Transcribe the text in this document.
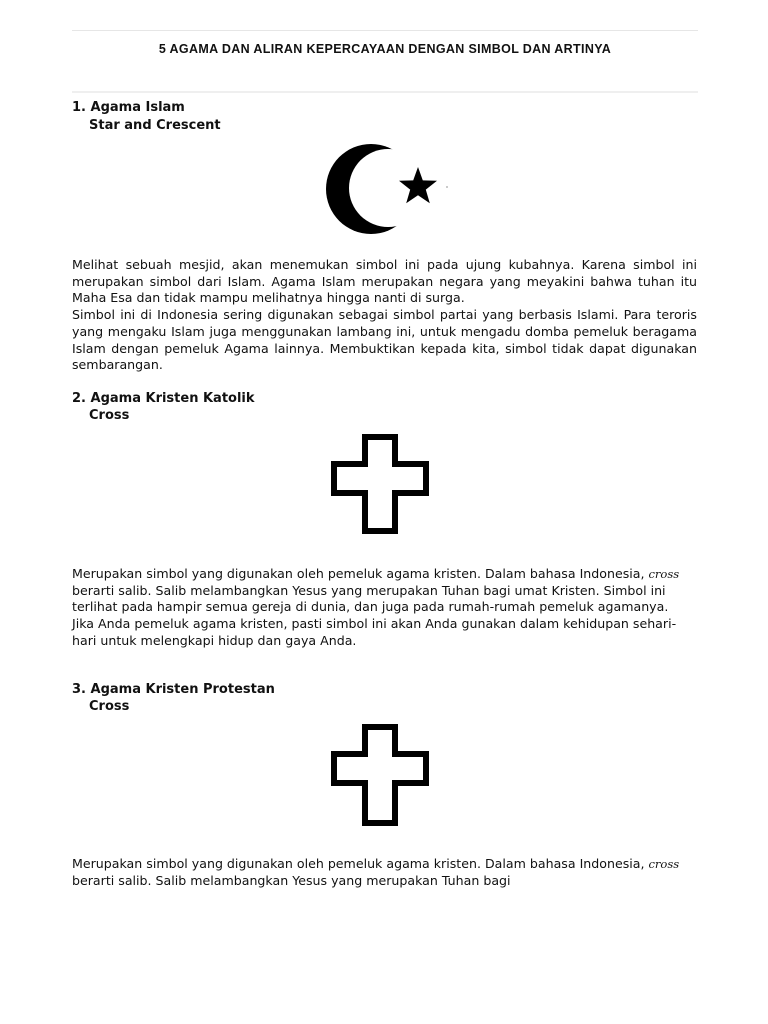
5 AGAMA DAN ALIRAN KEPERCAYAAN DENGAN SIMBOL DAN ARTINYA
1. Agama Islam
Star and Crescent

Melihat sebuah mesjid, akan menemukan simbol ini pada ujung kubahnya. Karena simbol ini merupakan simbol dari Islam. Agama Islam merupakan negara yang meyakini bahwa tuhan itu Maha Esa dan tidak mampu melihatnya hingga nanti di surga.

Simbol ini di Indonesia sering digunakan sebagai simbol partai yang berbasis Islami. Para teroris yang mengaku Islam juga menggunakan lambang ini, untuk mengadu domba pemeluk beragama Islam dengan pemeluk Agama lainnya. Membuktikan kepada kita, simbol tidak dapat digunakan sembarangan.

2. Agama Kristen Katolik
Cross

Merupakan simbol yang digunakan oleh pemeluk agama kristen. Dalam bahasa Indonesia, cross berarti salib. Salib melambangkan Yesus yang merupakan Tuhan bagi umat Kristen. Simbol ini terlihat pada hampir semua gereja di dunia, dan juga pada rumah-rumah pemeluk agamanya.

Jika Anda pemeluk agama kristen, pasti simbol ini akan Anda gunakan dalam kehidupan sehari-hari untuk melengkapi hidup dan gaya Anda.

3. Agama Kristen Protestan
Cross

Merupakan simbol yang digunakan oleh pemeluk agama kristen. Dalam bahasa Indonesia, cross berarti salib. Salib melambangkan Yesus yang merupakan Tuhan bagi
